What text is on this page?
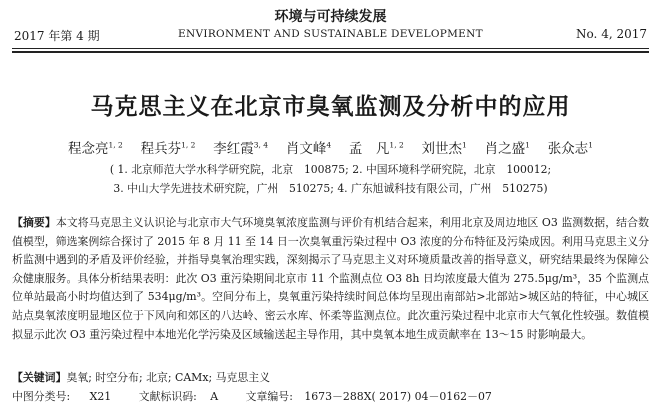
环境与可持续发展
2017 年第 4 期	ENVIRONMENT AND SUSTAINABLE DEVELOPMENT	No. 4, 2017
马克思主义在北京市臭氧监测及分析中的应用
程念亮$^{1, 2}$　 程兵芬$^{1, 2}$　 李红霞$^{3, 4}$　 肖文峰$^4$　 孟　凡$^{1, 2}$　 刘世杰$^1$　 肖之盛$^1$　 张众志$^1$
( 1. 北京师范大学水科学研究院，北京　100875; 2. 中国环境科学研究院，北京　100012;
3. 中山大学先进技术研究院，广州　510275; 4. 广东旭诚科技有限公司，广州　510275)

【摘要】本文将马克思主义认识论与北京市大气环境臭氧浓度监测与评价有机结合起来，利用北京及周边地区 O3 监测数据，结合数值模型，筛选案例综合探讨了 2015 年 8 月 11 至 14 日一次臭氧重污染过程中 O3 浓度的分布特征及污染成因。利用马克思主义分析监测中遇到的矛盾及评价经验，并指导臭氧治理实践，深刻揭示了马克思主义对环境质量改善的指导意义，研究结果最终为保障公众健康服务。具体分析结果表明：此次 O3 重污染期间北京市 11 个监测点位 O3 8h 日均浓度最大值为 275.5μg/m³，35 个监测点位单站最高小时均值达到了 534μg/m³。空间分布上，臭氧重污染持续时间总体均呈现出南部站>北部站>城区站的特征，中心城区站点臭氧浓度明显地区位于下风向和郊区的八达岭、密云水库、怀柔等监测点位。此次重污染过程中北京市大气氧化性较强。数值模拟显示此次 O3 重污染过程中本地光化学污染及区域输送起主导作用，其中臭氧本地生成贡献率在 13～15 时影响最大。

【关键词】臭氧; 时空分布; 北京; CAMx; 马克思主义
中图分类号: X21	文献标识码: A	文章编号: 1673－288X( 2017) 04－0162－07
